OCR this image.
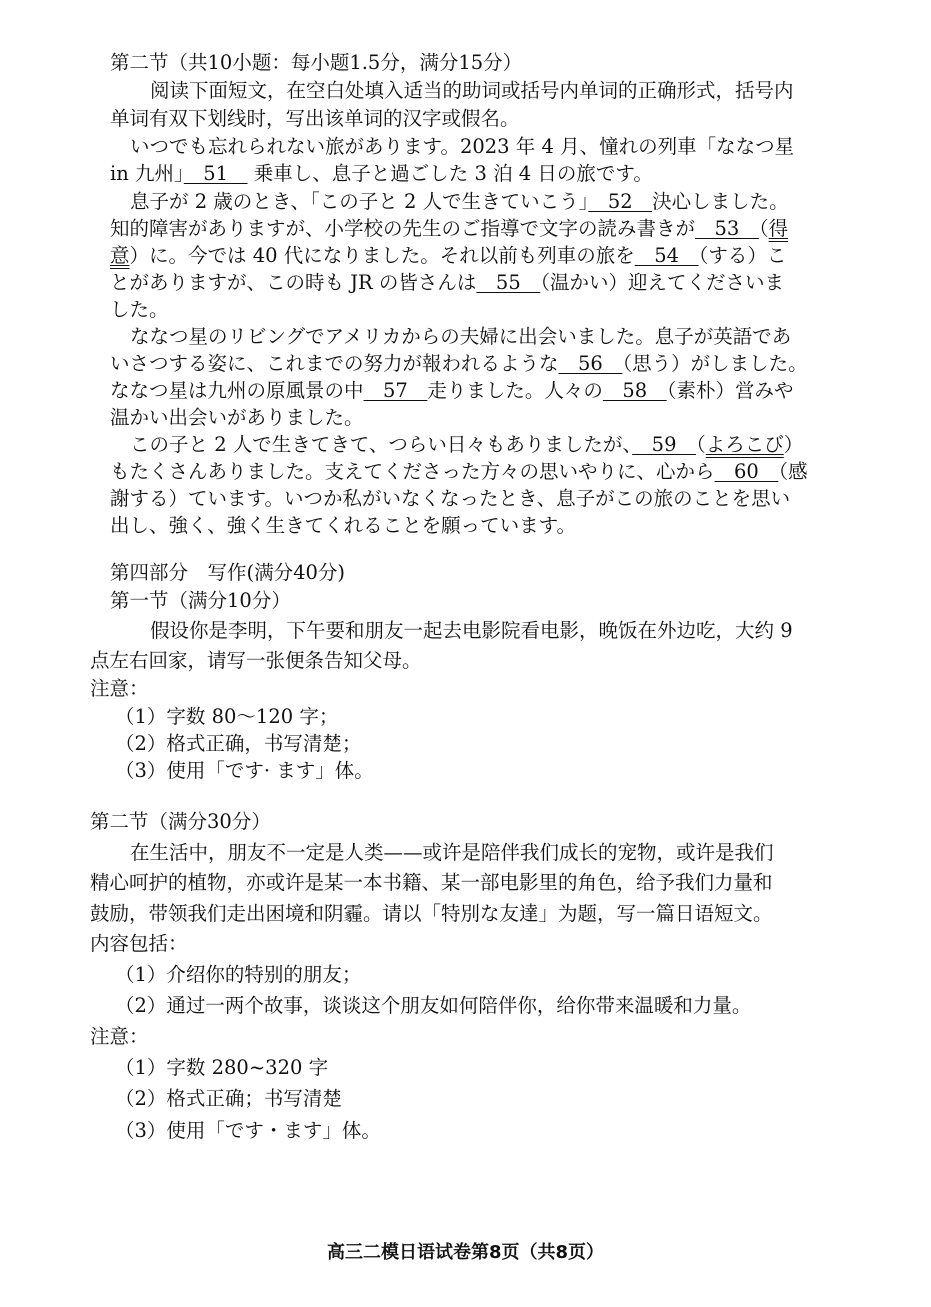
第二节（共10小题：每小题1.5分，满分15分）
阅读下面短文，在空白处填入适当的助词或括号内单词的正确形式，括号内
单词有双下划线时，写出该单词的汉字或假名。
いつでも忘れられない旅があります。2023 年 4 月、憧れの列車「ななつ星
in 九州」　51　 乗車し、息子と過ごした 3 泊 4 日の旅です。
息子が 2 歳のとき、「この子と 2 人で生きていこう」　52　決心しました。
知的障害がありますが、小学校の先生のご指導で文字の読み書きが　53　（得
意）に。今では 40 代になりました。それ以前も列車の旅を　54　（する）こ
とがありますが、この時も JR の皆さんは　55　（温かい）迎えてくださいま
した。
ななつ星のリビングでアメリカからの夫婦に出会いました。息子が英語であ
いさつする姿に、これまでの努力が報われるような　56　（思う）がしました。
ななつ星は九州の原風景の中　57　走りました。人々の　58　（素朴）営みや
温かい出会いがありました。
この子と 2 人で生きてきて、つらい日々もありましたが、　59　（よろこび）
もたくさんありました。支えてくださった方々の思いやりに、心から　60　（感
謝する）ています。いつか私がいなくなったとき、息子がこの旅のことを思い
出し、強く、強く生きてくれることを願っています。
第四部分　写作(满分40分)
第一节（满分10分）
假设你是李明，下午要和朋友一起去电影院看电影，晚饭在外边吃，大约 9
点左右回家，请写一张便条告知父母。
注意：
（1）字数 80～120 字；
（2）格式正确，书写清楚；
（3）使用「です· ます」体。
第二节（满分30分）
在生活中，朋友不一定是人类——或许是陪伴我们成长的宠物，或许是我们
精心呵护的植物，亦或许是某一本书籍、某一部电影里的角色，给予我们力量和
鼓励，带领我们走出困境和阴霾。请以「特別な友達」为题，写一篇日语短文。
内容包括：
（1）介绍你的特别的朋友；
（2）通过一两个故事，谈谈这个朋友如何陪伴你，给你带来温暖和力量。
注意：
（1）字数 280~320 字
（2）格式正确；书写清楚
（3）使用「です・ます」体。
高三二模日语试卷第8页（共8页）
